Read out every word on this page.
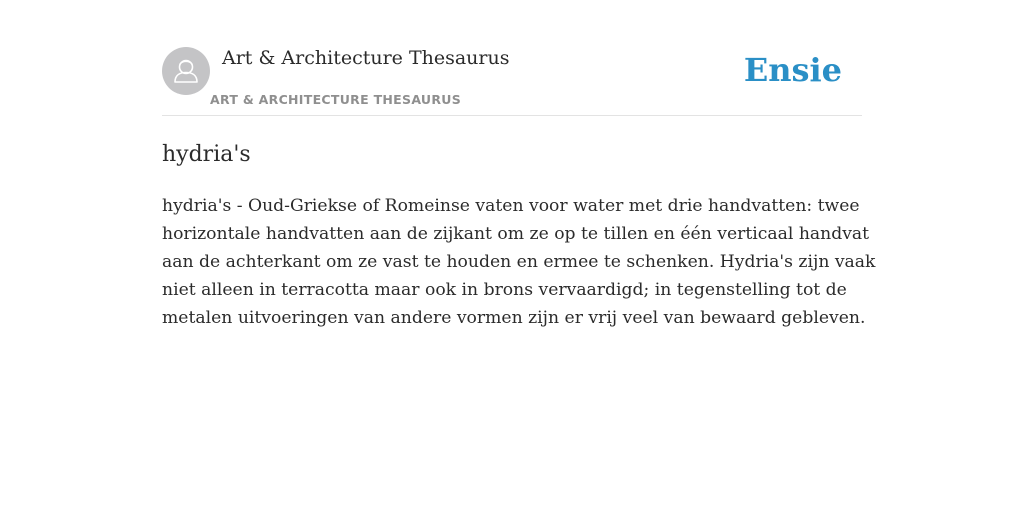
Art & Architecture Thesaurus
ART & ARCHITECTURE THESAURUS
Ensie
hydria's

hydria's - Oud-Griekse of Romeinse vaten voor water met drie handvatten: twee
horizontale handvatten aan de zijkant om ze op te tillen en één verticaal handvat
aan de achterkant om ze vast te houden en ermee te schenken. Hydria's zijn vaak
niet alleen in terracotta maar ook in brons vervaardigd; in tegenstelling tot de
metalen uitvoeringen van andere vormen zijn er vrij veel van bewaard gebleven.
